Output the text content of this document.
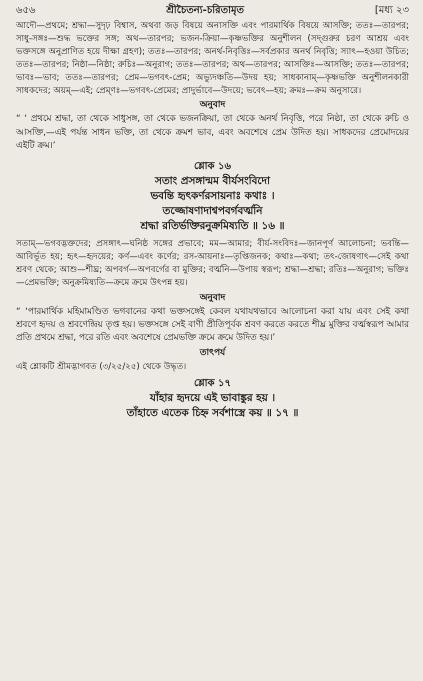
৬৫৬	শ্রীচৈতন্য-চরিতামৃত	[মধ্য ২৩

আদৌ—প্রথমে; শ্রদ্ধা—সুদৃঢ় বিশ্বাস, অথবা জড় বিষয়ে অনাসক্তি এবং পারমার্থিক বিষয়ে আসক্তি; ততঃ—তারপর; সাধু-সঙ্গঃ—শুদ্ধ ভক্তের সঙ্গ; অথ—তারপর; ভজন-ক্রিয়া—কৃষ্ণভক্তির অনুশীলন (সদ্গুরুর চরণ আশ্রয় এবং ভক্তসঙ্গে অনুপ্রাণিত হয়ে দীক্ষা গ্রহণ); ততঃ—তারপর; অনর্থ-নিবৃত্তিঃ—সর্বপ্রকার অনর্থ নিবৃত্তি; স্যাৎ—হওয়া উচিত; ততঃ—তারপর; নিষ্ঠা—নিষ্ঠা; রুচিঃ—অনুরাগ; ততঃ—তারপর; অথ—তারপর; আসক্তিঃ—আসক্তি; ততঃ—তারপর; ভাবঃ—ভাব; ততঃ—তারপর; প্রেম—ভগবৎ-প্রেম; অভ্যুদঞ্চতি—উদয় হয়; সাধকানাম্—কৃষ্ণভক্তি অনুশীলনকারী সাধকদের; অয়ম্—এই; প্রেম্ণঃ—ভগবৎ-প্রেমের; প্রাদুর্ভাবে—উদয়ে; ভবেৎ—হয়; ক্রমঃ—ক্রম অনুসারে।

অনুবাদ

“ ‘ প্রথমে শ্রদ্ধা, তা থেকে সাধুসঙ্গ, তা থেকে ভজনক্রিয়া, তা থেকে অনর্থ নিবৃত্তি, পরে নিষ্ঠা, তা থেকে রুচি ও আসক্তি,—এই পর্যন্ত সাধন ভক্তি, তা থেকে ক্রমশ ভাব, এবং অবশেষে প্রেম উদিত হয়। সাধকদের প্রেমোদয়ের এইটি ক্রম।’

শ্লোক ১৬
সতাং প্রসঙ্গান্মম বীর্যসংবিদো
ভবন্তি হৃৎকর্ণরসায়নাঃ কথাঃ ।
তজ্জোষণাদাশ্বপবর্গবর্ত্মনি
শ্রদ্ধা রতির্ভক্তিরনুক্রমিষ্যতি ॥ ১৬ ॥

সতাম্—ভগবদ্ভক্তদের; প্রসঙ্গাৎ—ঘনিষ্ঠ সঙ্গের প্রভাবে; মম—আমার; বীর্য-সংবিদঃ—জানপূর্ণ আলোচনা; ভবন্তি—আবির্ভূত হয়; হৃৎ—হৃদয়ের; কর্ণ—এবং কর্ণের; রস-আয়নাঃ—তৃপ্তিজনক; কথাঃ—কথা; তৎ-জোষণাৎ—সেই কথা শ্রবণ থেকে; আশু—শীঘ্র; অপবর্গ—অপবর্গের বা মুক্তির; বর্ত্মনি—উপায় স্বরূপ; শ্রদ্ধা—শ্রদ্ধা; রতিঃ—অনুরাগ; ভক্তিঃ—প্রেমভক্তি; অনুক্রমিষ্যতি—ক্রমে ক্রমে উৎপন্ন হয়।

অনুবাদ

“ ‘পারমার্থিক মহিমামণ্ডিত ভগবানের কথা ভক্তসঙ্গেই কেবল যথাযথভাবে আলোচনা করা যায় এবং সেই কথা শ্রবণে হৃদয় ও শ্রবণেন্দ্রিয় তৃপ্ত হয়। ভক্তসঙ্গে সেই বাণী প্রীতিপূর্বক শ্রবণ করতে করতে শীঘ্র মুক্তির বর্ত্মস্বরূপ আমার প্রতি প্রথমে শ্রদ্ধা, পরে রতি এবং অবশেষে প্রেমভক্তি ক্রমে ক্রমে উদিত হয়।’

তাৎপর্য

এই শ্লোকটি শ্রীমদ্ভাগবত (৩/২৫/২৫) থেকে উদ্ধৃত।

শ্লোক ১৭
যাঁহার হৃদয়ে এই ভাবাঙ্কুর হয় ।
তাঁহাতে এতেক চিহ্ন সর্বশাস্ত্রে কয় ॥ ১৭ ॥
